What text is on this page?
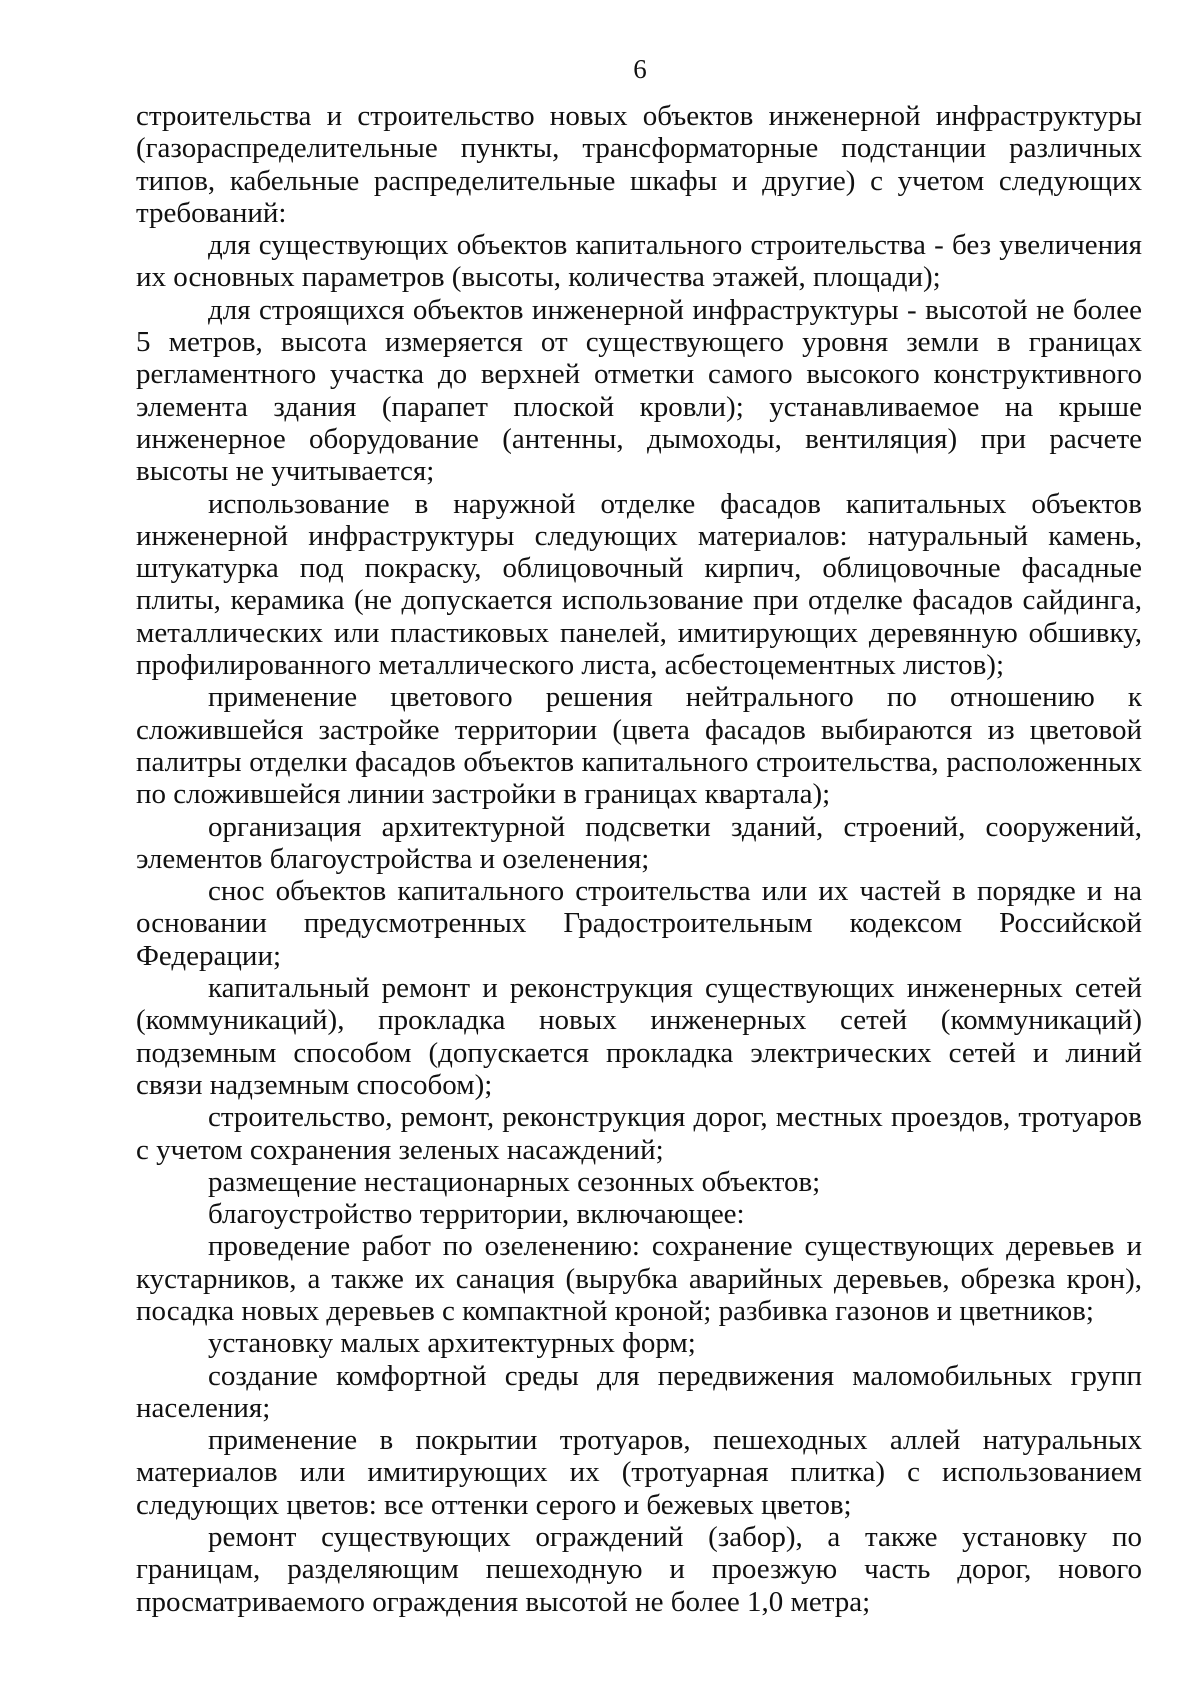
6

строительства и строительство новых объектов инженерной инфраструктуры (газораспределительные пункты, трансформаторные подстанции различных типов, кабельные распределительные шкафы и другие) с учетом следующих требований:

для существующих объектов капитального строительства - без увеличения их основных параметров (высоты, количества этажей, площади);

для строящихся объектов инженерной инфраструктуры - высотой не более 5 метров, высота измеряется от существующего уровня земли в границах регламентного участка до верхней отметки самого высокого конструктивного элемента здания (парапет плоской кровли); устанавливаемое на крыше инженерное оборудование (антенны, дымоходы, вентиляция) при расчете высоты не учитывается;

использование в наружной отделке фасадов капитальных объектов инженерной инфраструктуры следующих материалов: натуральный камень, штукатурка под покраску, облицовочный кирпич, облицовочные фасадные плиты, керамика (не допускается использование при отделке фасадов сайдинга, металлических или пластиковых панелей, имитирующих деревянную обшивку, профилированного металлического листа, асбестоцементных листов);

применение цветового решения нейтрального по отношению к сложившейся застройке территории (цвета фасадов выбираются из цветовой палитры отделки фасадов объектов капитального строительства, расположенных по сложившейся линии застройки в границах квартала);

организация архитектурной подсветки зданий, строений, сооружений, элементов благоустройства и озеленения;

снос объектов капитального строительства или их частей в порядке и на основании предусмотренных Градостроительным кодексом Российской Федерации;

капитальный ремонт и реконструкция существующих инженерных сетей (коммуникаций), прокладка новых инженерных сетей (коммуникаций) подземным способом (допускается прокладка электрических сетей и линий связи надземным способом);

строительство, ремонт, реконструкция дорог, местных проездов, тротуаров с учетом сохранения зеленых насаждений;

размещение нестационарных сезонных объектов;

благоустройство территории, включающее:

проведение работ по озеленению: сохранение существующих деревьев и кустарников, а также их санация (вырубка аварийных деревьев, обрезка крон), посадка новых деревьев с компактной кроной; разбивка газонов и цветников;

установку малых архитектурных форм;

создание комфортной среды для передвижения маломобильных групп населения;

применение в покрытии тротуаров, пешеходных аллей натуральных материалов или имитирующих их (тротуарная плитка) с использованием следующих цветов: все оттенки серого и бежевых цветов;

ремонт существующих ограждений (забор), а также установку по границам, разделяющим пешеходную и проезжую часть дорог, нового просматриваемого ограждения высотой не более 1,0 метра;
